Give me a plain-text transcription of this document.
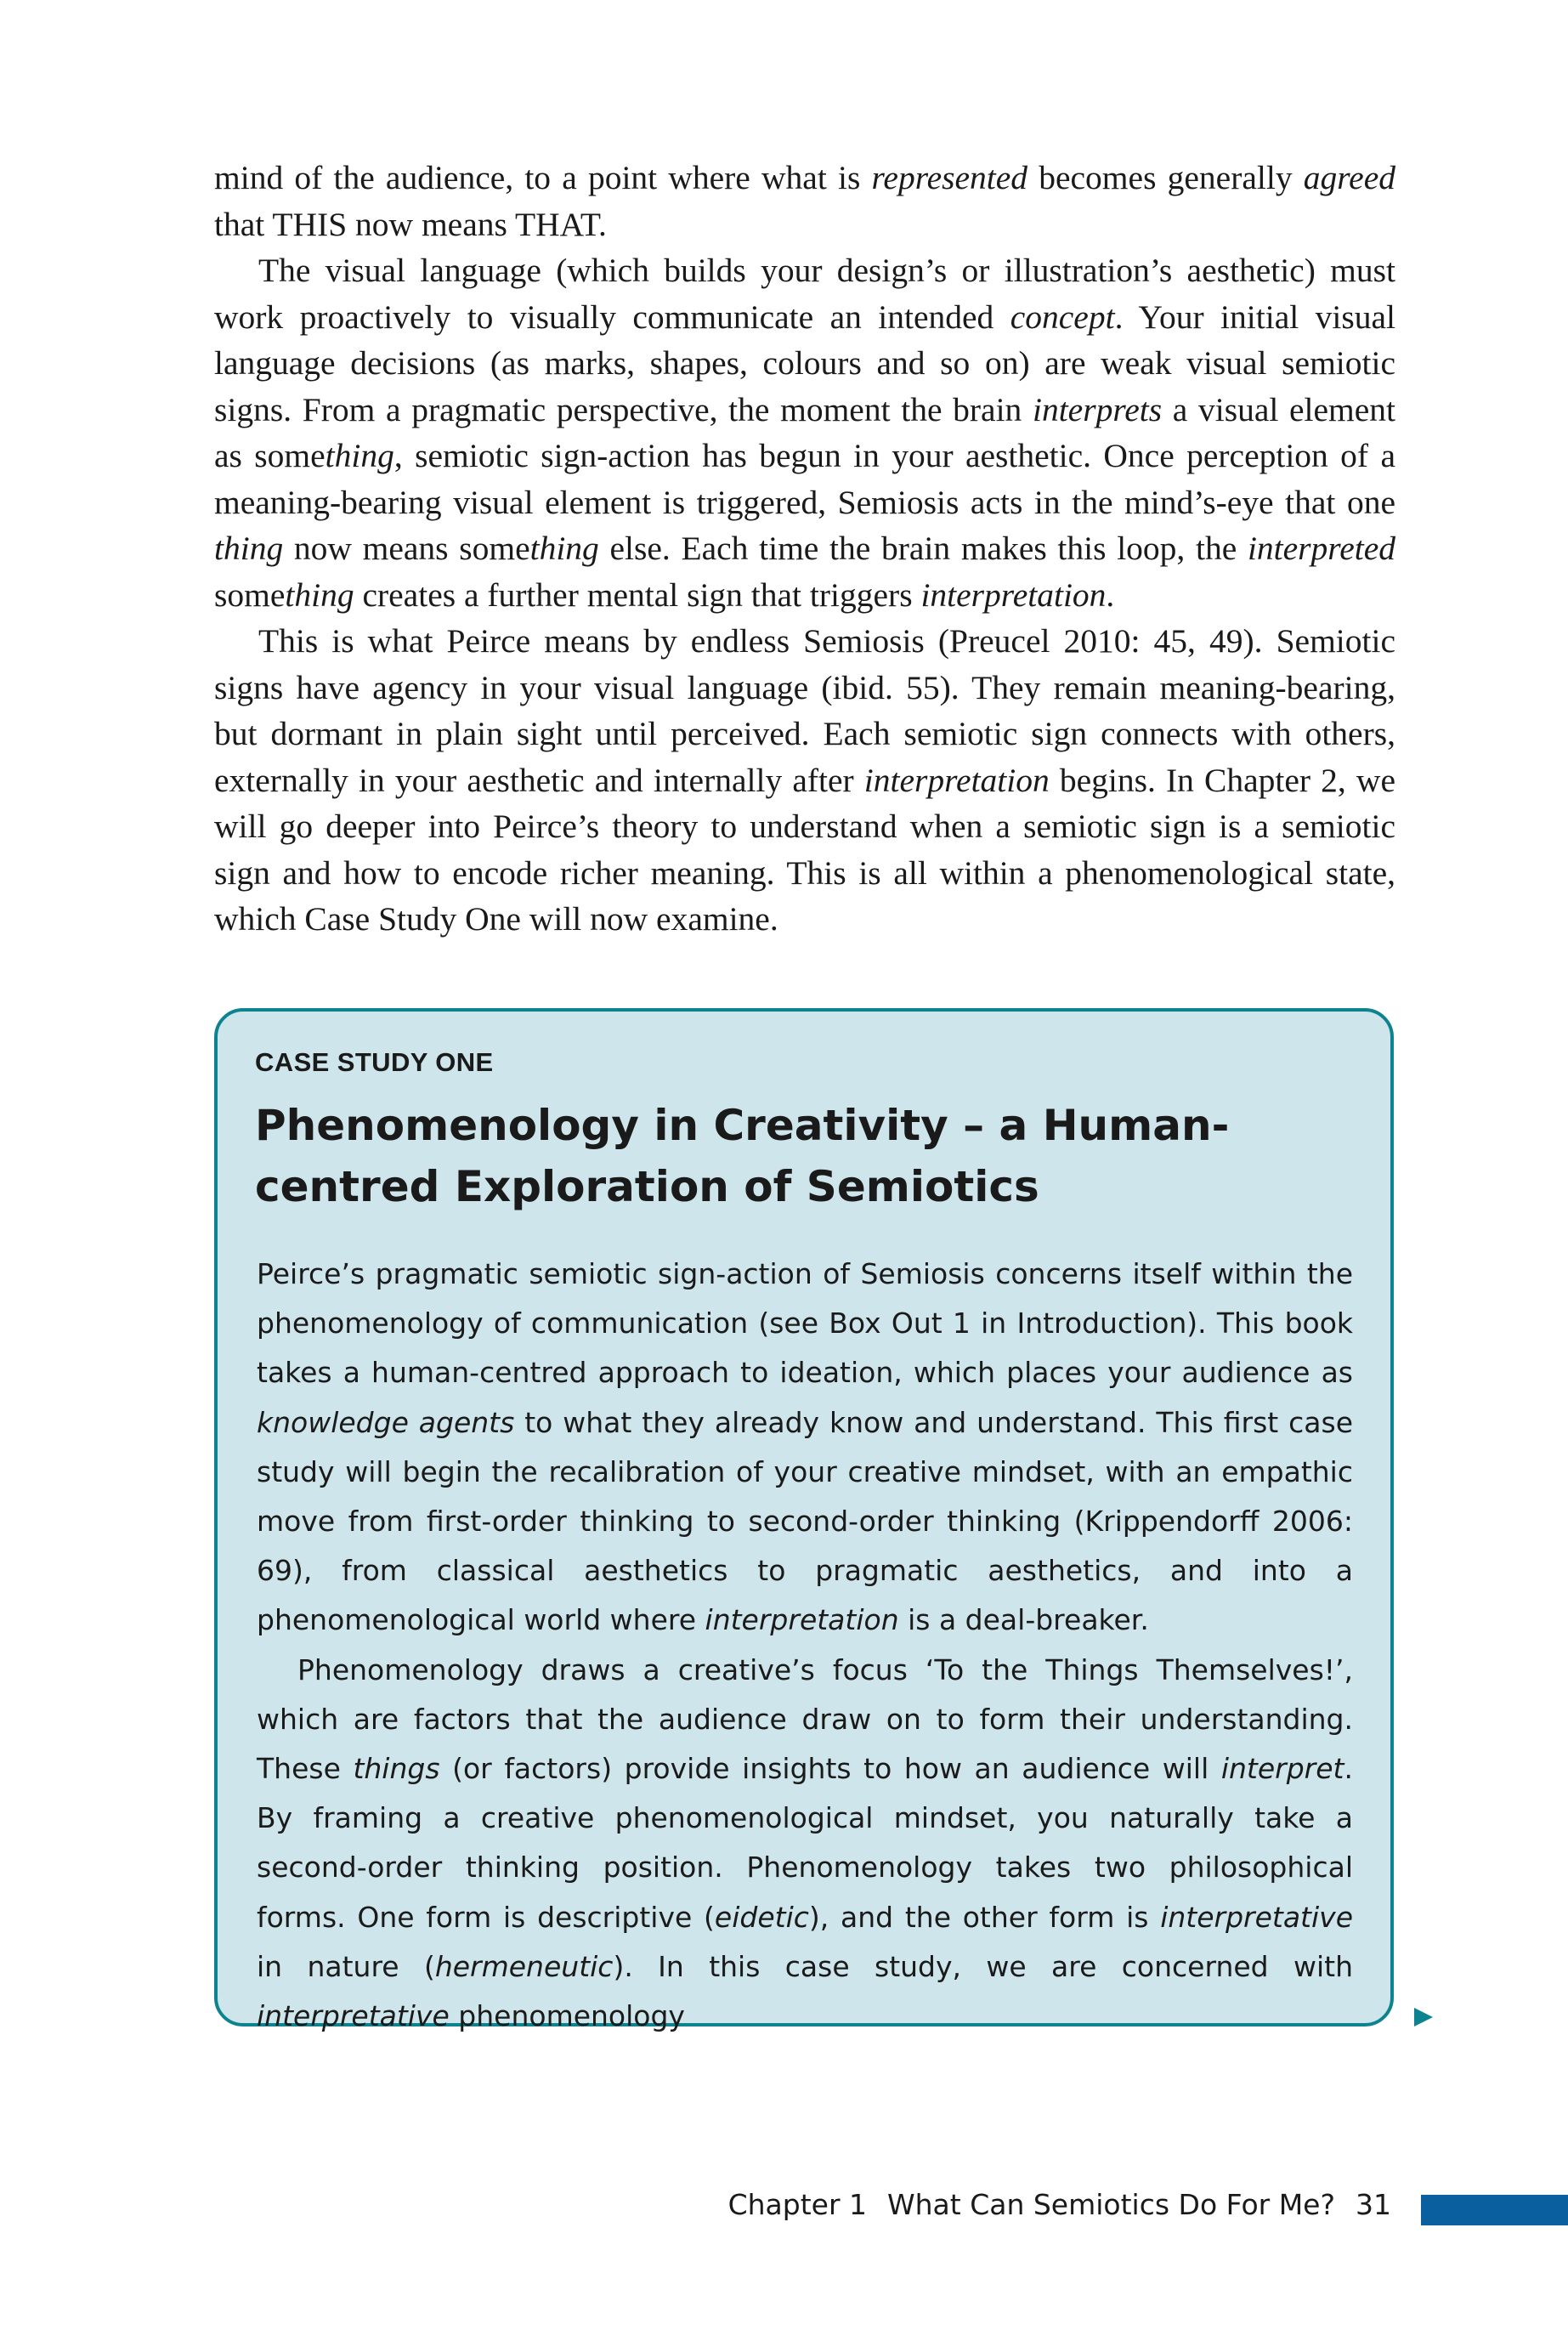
mind of the audience, to a point where what is represented becomes generally agreed that THIS now means THAT.

The visual language (which builds your design’s or illustration’s aesthetic) must work proactively to visually communicate an intended concept. Your initial visual language decisions (as marks, shapes, colours and so on) are weak visual semiotic signs. From a pragmatic perspective, the moment the brain interprets a visual element as something, semiotic sign-action has begun in your aesthetic. Once perception of a meaning-bearing visual element is triggered, Semiosis acts in the mind’s-eye that one thing now means something else. Each time the brain makes this loop, the interpreted something creates a further mental sign that triggers interpretation.

This is what Peirce means by endless Semiosis (Preucel 2010: 45, 49). Semiotic signs have agency in your visual language (ibid. 55). They remain meaning-bearing, but dormant in plain sight until perceived. Each semiotic sign connects with others, externally in your aesthetic and internally after interpretation begins. In Chapter 2, we will go deeper into Peirce’s theory to understand when a semiotic sign is a semiotic sign and how to encode richer meaning. This is all within a phenomenological state, which Case Study One will now examine.

CASE STUDY ONE
Phenomenology in Creativity – a Human-
centred Exploration of Semiotics

Peirce’s pragmatic semiotic sign-action of Semiosis concerns itself within the phenomenology of communication (see Box Out 1 in Introduction). This book takes a human-centred approach to ideation, which places your audience as knowledge agents to what they already know and understand. This first case study will begin the recalibration of your creative mindset, with an empathic move from first-order thinking to second-order thinking (Krippendorff 2006: 69), from classical aesthetics to pragmatic aesthetics, and into a phenomenological world where interpretation is a deal-breaker.

Phenomenology draws a creative’s focus ‘To the Things Themselves!’, which are factors that the audience draw on to form their understanding. These things (or factors) provide insights to how an audience will interpret. By framing a creative phenomenological mindset, you naturally take a second-order thinking position. Phenomenology takes two philosophical forms. One form is descriptive (eidetic), and the other form is interpretative in nature (hermeneutic). In this case study, we are concerned with interpretative phenomenology

Chapter 1 What Can Semiotics Do For Me? 31
